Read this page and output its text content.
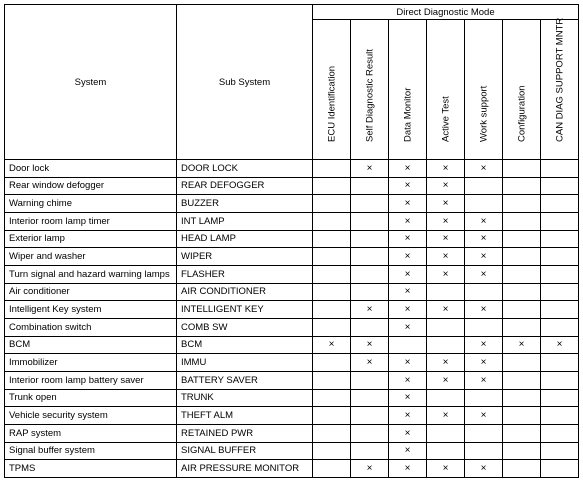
System	Sub System	Direct Diagnostic Mode						

		ECU Identification	Self Diagnostic Result	Data Monitor	Active Test	Work support	Configuration	CAN DIAG SUPPORT MNTR

Door lock	DOOR LOCK		×	×	×	×		
Rear window defogger	REAR DEFOGGER			×	×			
Warning chime	BUZZER			×	×			
Interior room lamp timer	INT LAMP			×	×	×		
Exterior lamp	HEAD LAMP			×	×	×		
Wiper and washer	WIPER			×	×	×		
Turn signal and hazard warning lamps	FLASHER			×	×	×		
Air conditioner	AIR CONDITIONER			×				
Intelligent Key system	INTELLIGENT KEY		×	×	×	×		
Combination switch	COMB SW			×				
BCM	BCM	×	×			×	×	×
Immobilizer	IMMU		×	×	×	×		
Interior room lamp battery saver	BATTERY SAVER			×	×	×		
Trunk open	TRUNK			×				
Vehicle security system	THEFT ALM			×	×	×		
RAP system	RETAINED PWR			×				
Signal buffer system	SIGNAL BUFFER			×				
TPMS	AIR PRESSURE MONITOR		×	×	×	×		
